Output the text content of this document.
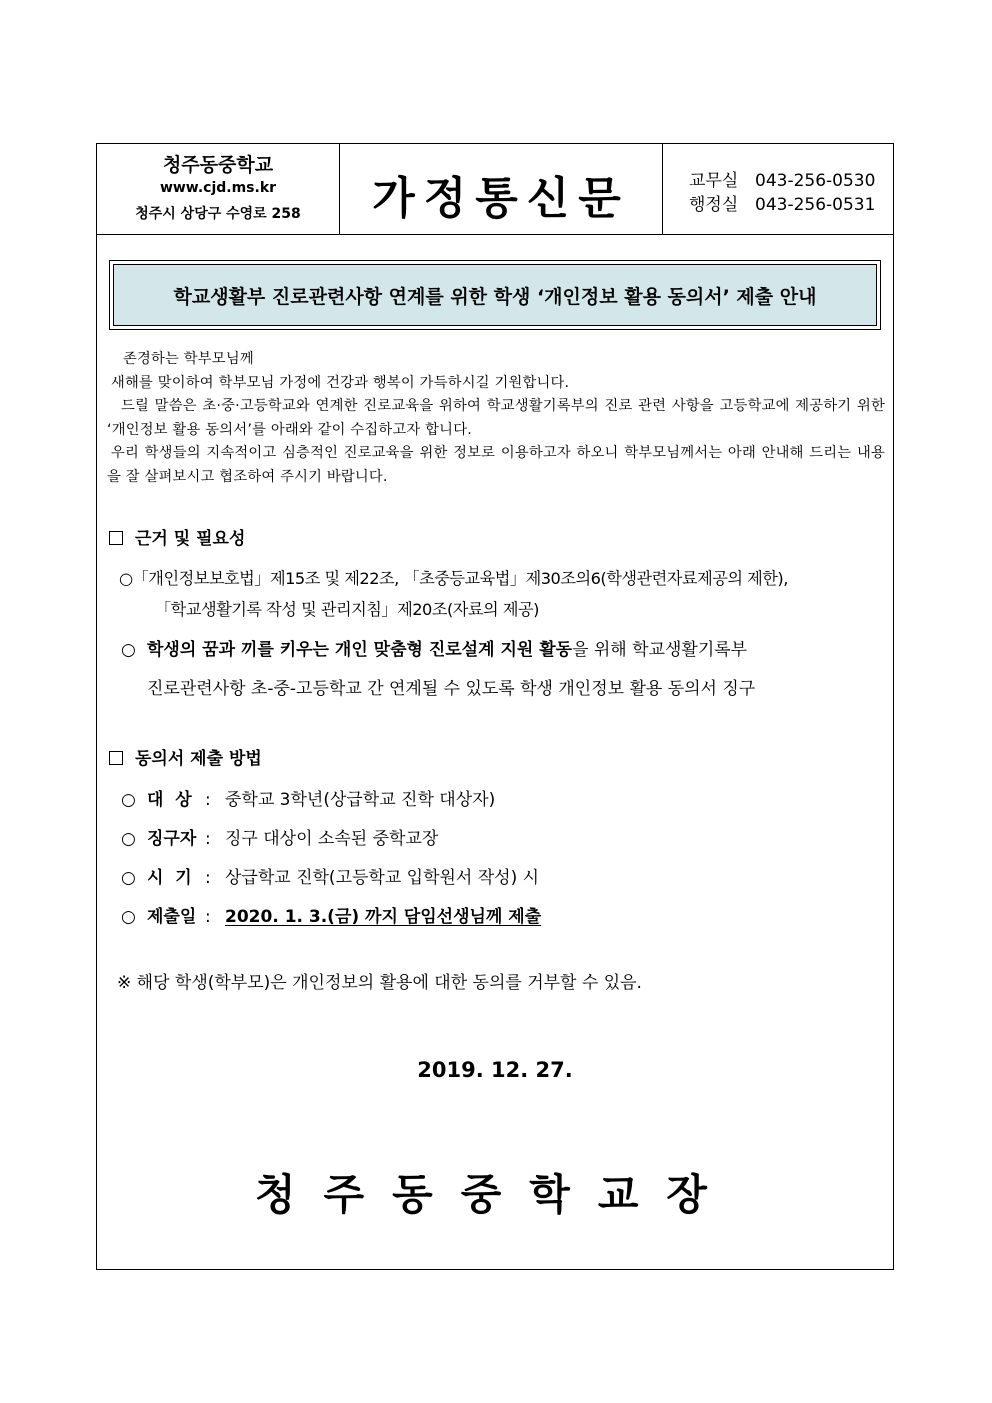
청주동중학교
www.cjd.ms.kr
청주시 상당구 수영로 258	가정통신문	교무실 043-256-0530
행정실 043-256-0531
학교생활부 진로관련사항 연계를 위한 학생 ‘개인정보 활용 동의서’ 제출 안내
존경하는 학부모님께
새해를 맞이하여 학부모님 가정에 건강과 행복이 가득하시길 기원합니다.
드릴 말씀은 초·중·고등학교와 연계한 진로교육을 위하여 학교생활기록부의 진로 관련 사항을 고등학교에 제공하기 위한 ‘개인정보 활용 동의서’를 아래와 같이 수집하고자 합니다.
우리 학생들의 지속적이고 심층적인 진로교육을 위한 정보로 이용하고자 하오니 학부모님께서는 아래 안내해 드리는 내용을 잘 살펴보시고 협조하여 주시기 바랍니다.
근거 및 필요성
○「개인정보보호법」제15조 및 제22조, 「초중등교육법」제30조의6(학생관련자료제공의 제한),
「학교생활기록 작성 및 관리지침」제20조(자료의 제공)
○ 학생의 꿈과 끼를 키우는 개인 맞춤형 진로설계 지원 활동을 위해 학교생활기록부
진로관련사항 초-중-고등학교 간 연계될 수 있도록 학생 개인정보 활용 동의서 징구
동의서 제출 방법
○ 대  상 : 중학교 3학년(상급학교 진학 대상자)
○ 징구자 : 징구 대상이 소속된 중학교장
○ 시  기 : 상급학교 진학(고등학교 입학원서 작성) 시
○ 제출일 : 2020. 1. 3.(금) 까지 담임선생님께 제출
※ 해당 학생(학부모)은 개인정보의 활용에 대한 동의를 거부할 수 있음.
2019. 12. 27.
청주동중학교장
